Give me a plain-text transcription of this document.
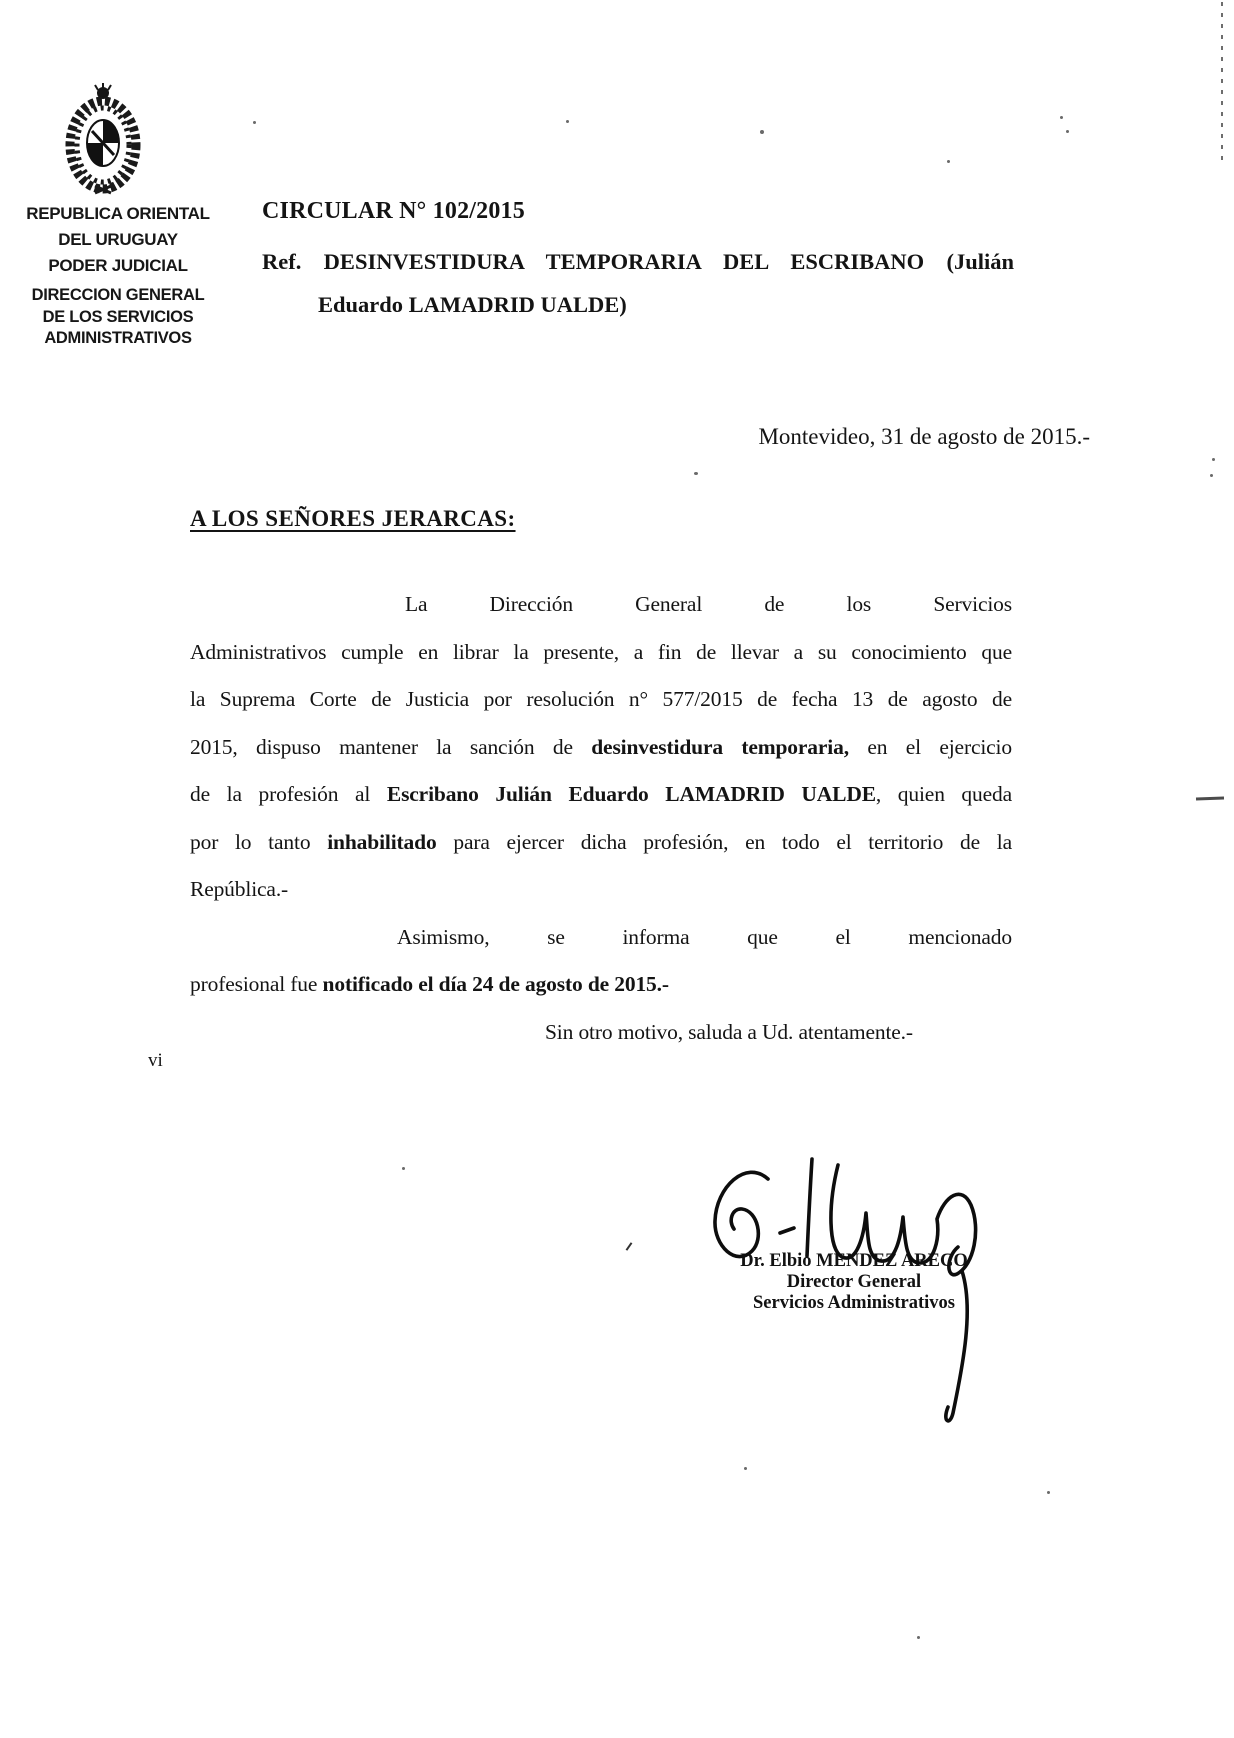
REPUBLICA ORIENTAL
DEL URUGUAY
PODER JUDICIAL
DIRECCION GENERAL
DE LOS SERVICIOS
ADMINISTRATIVOS
CIRCULAR N° 102/2015
Ref. DESINVESTIDURA TEMPORARIA DEL ESCRIBANO (Julián
Eduardo LAMADRID UALDE)
Montevideo, 31 de agosto de 2015.-
A LOS SEÑORES JERARCAS:
La Dirección General de los Servicios
Administrativos cumple en librar la presente, a fin de llevar a su conocimiento que
la Suprema Corte de Justicia por resolución n° 577/2015 de fecha 13 de agosto de
2015, dispuso mantener la sanción de desinvestidura temporaria, en el ejercicio
de la profesión al Escribano Julián Eduardo LAMADRID UALDE, quien queda
por lo tanto inhabilitado para ejercer dicha profesión, en todo el territorio de la
República.-
Asimismo, se informa que el mencionado
profesional fue notificado el día 24 de agosto de 2015.-
Sin otro motivo, saluda a Ud. atentamente.-
vi
Dr. Elbio MENDEZ ARECO
Director General
Servicios Administrativos
